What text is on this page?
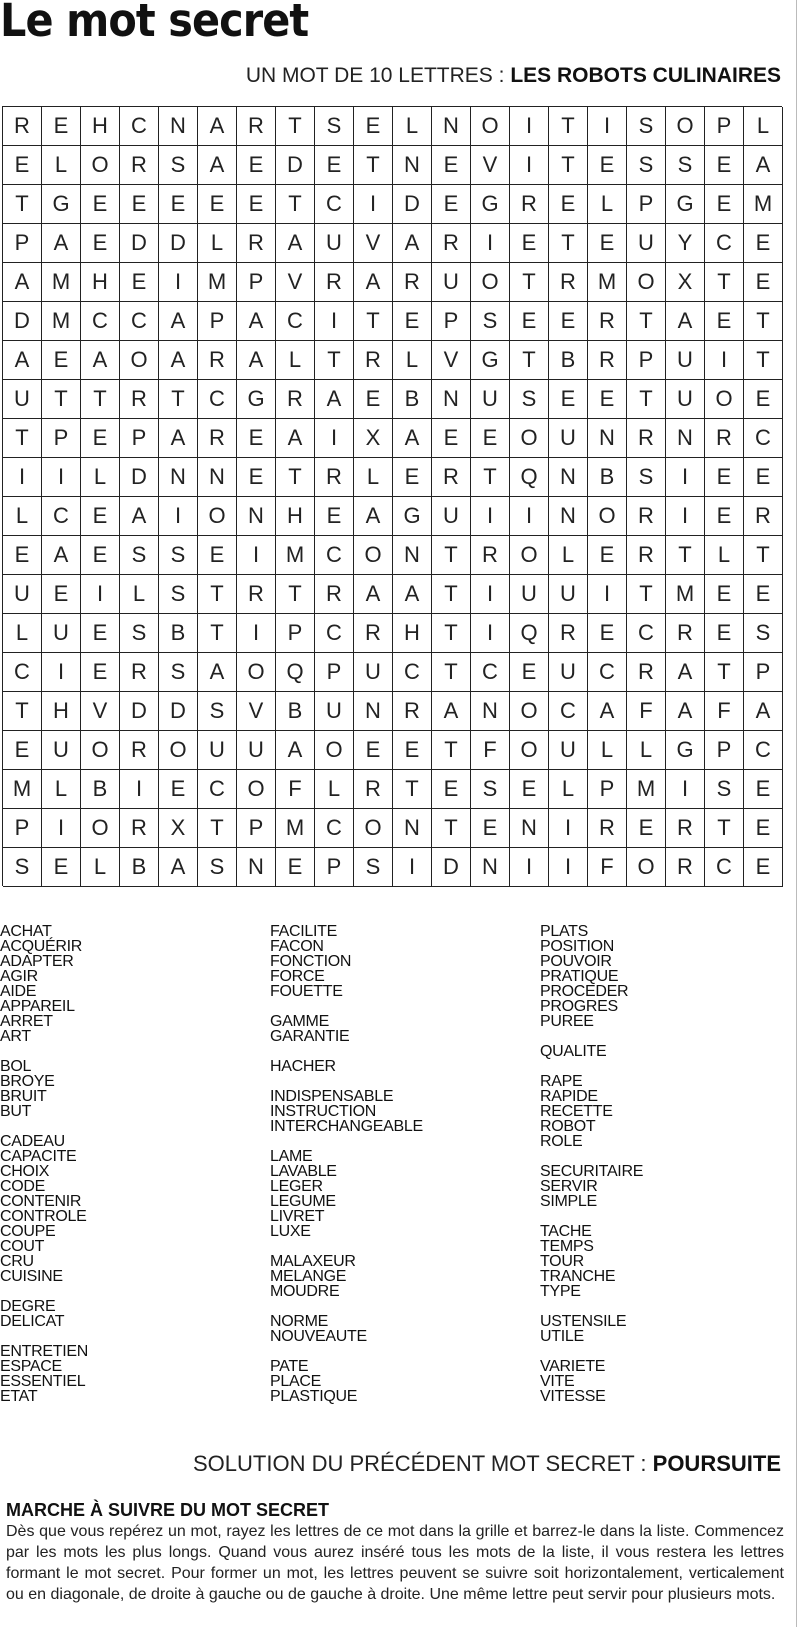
Le mot secret
UN MOT DE 10 LETTRES : LES ROBOTS CULINAIRES
R	E	H	C	N	A	R	T	S	E	L	N	O	I	T	I	S	O	P	L
E	L	O	R	S	A	E	D	E	T	N	E	V	I	T	E	S	S	E	A
T	G	E	E	E	E	E	T	C	I	D	E	G	R	E	L	P	G	E	M
P	A	E	D	D	L	R	A	U	V	A	R	I	E	T	E	U	Y	C	E
A	M H	E	I	M	P	V	R	A	R	U	O	T	R M O	X	T	E
D M C	C	A	P	A	C	I	T	E	P	S	E	E	R	T	A	E	T
A	E	A	O	A	R	A	L	T	R	L	V	G	T	B	R	P	U	I	T
U	T	T	R	T	C	G	R	A	E	B	N	U	S	E	E	T	U	O	E
T	P	E	P	A	R	E	A	I	X	A	E	E	O	U	N	R	N	R	C
I	I	L	D	N	N	E	T	R	L	E	R	T	Q	N	B	S	I	E	E
L	C	E	A	I	O	N	H	E	A	G	U	I	I	N	O	R	I	E	R
E	A	E	S	S	E	I	M C	O	N	T	R	O	L	E	R	T	L	T
U	E	I	L	S	T	R	T	R	A	A	T	I	U	U	I	T	M	E	E
L	U	E	S	B	T	I	P	C	R	H	T	I	Q	R	E	C	R	E	S
C	I	E	R	S	A	O Q	P	U	C	T	C	E	U	C	R	A	T	P
T	H	V	D	D	S	V	B	U	N	R	A	N	O	C	A	F	A	F	A
E	U	O	R	O	U	U	A	O	E	E	T	F	O	U	L	L	G	P	C
M	L	B	I	E	C	O	F	L	R	T	E	S	E	L	P	M	I	S	E
P	I	O	R	X	T	P	M C	O	N	T	E	N	I	R	E	R	T	E
S	E	L	B	A	S	N	E	P	S	I	D	N	I	I	F	O	R	C	E
ACHAT
ACQUÉRIR
ADAPTER
AGIR
AIDE
APPAREIL
ARRET
ART
BOL
BROYE
BRUIT
BUT
CADEAU
CAPACITE
CHOIX
CODE
CONTENIR
CONTROLE
COUPE
COUT
CRU
CUISINE
DEGRE
DELICAT
ENTRETIEN
ESPACE
ESSENTIEL
ETAT
FACILITE
FACON
FONCTION
FORCE
FOUETTE
GAMME
GARANTIE
HACHER
INDISPENSABLE
INSTRUCTION
INTERCHANGEABLE
LAME
LAVABLE
LEGER
LEGUME
LIVRET
LUXE
MALAXEUR
MELANGE
MOUDRE
NORME
NOUVEAUTE
PATE
PLACE
PLASTIQUE
PLATS
POSITION
POUVOIR
PRATIQUE
PROCEDER
PROGRES
PUREE
QUALITE
RAPE
RAPIDE
RECETTE
ROBOT
ROLE
SECURITAIRE
SERVIR
SIMPLE
TACHE
TEMPS
TOUR
TRANCHE
TYPE
USTENSILE
UTILE
VARIETE
VITE
VITESSE
SOLUTION DU PRÉCÉDENT MOT SECRET : POURSUITE
MARCHE À SUIVRE DU MOT SECRET
Dès que vous repérez un mot, rayez les lettres de ce mot dans la grille et barrez-le dans la liste. Commencez par les mots les plus longs. Quand vous aurez inséré tous les mots de la liste, il vous restera les lettres formant le mot secret. Pour former un mot, les lettres peuvent se suivre soit horizontalement, verticalement ou en diagonale, de droite à gauche ou de gauche à droite. Une même lettre peut servir pour plusieurs mots.
